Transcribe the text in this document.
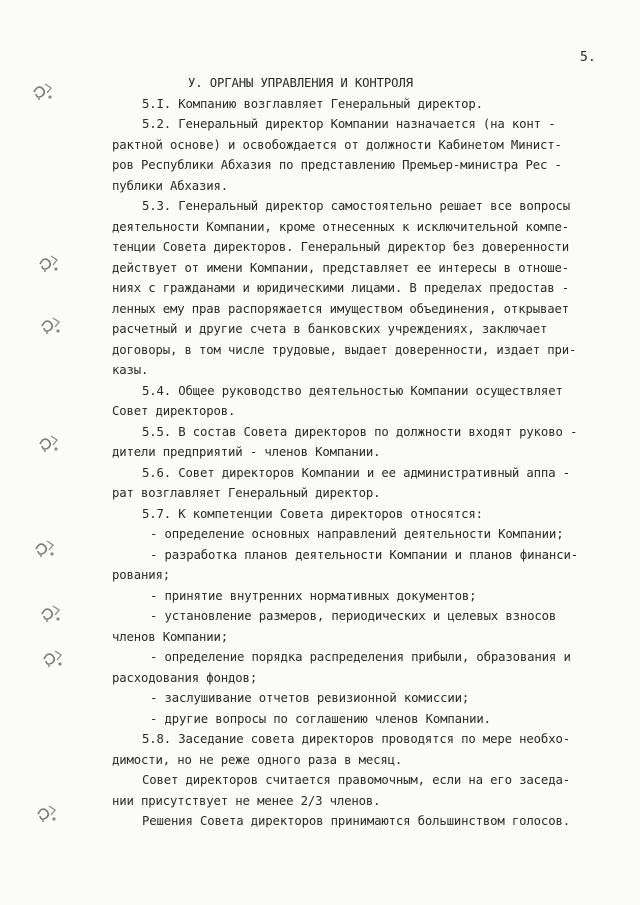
5.
У. ОРГАНЫ УПРАВЛЕНИЯ И КОНТРОЛЯ
5.I. Компанию возглавляет Генеральный директор.
5.2. Генеральный директор Компании назначается (на конт -
рактной основе) и освобождается от должности Кабинетом Минист-
ров Республики Абхазия по представлению Премьер-министра Рес -
публики Абхазия.
5.3. Генеральный директор самостоятельно решает все вопросы
деятельности Компании, кроме отнесенных к исключительной компе-
тенции Совета директоров. Генеральный директор без доверенности
действует от имени Компании, представляет ее интересы в отноше-
ниях с гражданами и юридическими лицами. В пределах предостав -
ленных ему прав распоряжается имуществом объединения, открывает
расчетный и другие счета в банковских учреждениях, заключает
договоры, в том числе трудовые, выдает доверенности, издает при-
казы.
5.4. Общее руководство деятельностью Компании осуществляет
Совет директоров.
5.5. В состав Совета директоров по должности входят руково -
дители предприятий - членов Компании.
5.6. Совет директоров Компании и ее административный аппа -
рат возглавляет Генеральный директор.
5.7. К компетенции Совета директоров относятся:
- определение основных направлений деятельности Компании;
- разработка планов деятельности Компании и планов финанси-
рования;
- принятие внутренних нормативных документов;
- установление размеров, периодических и целевых взносов
членов Компании;
- определение порядка распределения прибыли, образования и
расходования фондов;
- заслушивание отчетов ревизионной комиссии;
- другие вопросы по соглашению членов Компании.
5.8. Заседание совета директоров проводятся по мере необхо-
димости, но не реже одного раза в месяц.
Совет директоров считается правомочным, если на его заседа-
нии присутствует не менее 2/3 членов.
Решения Совета директоров принимаются большинством голосов.
